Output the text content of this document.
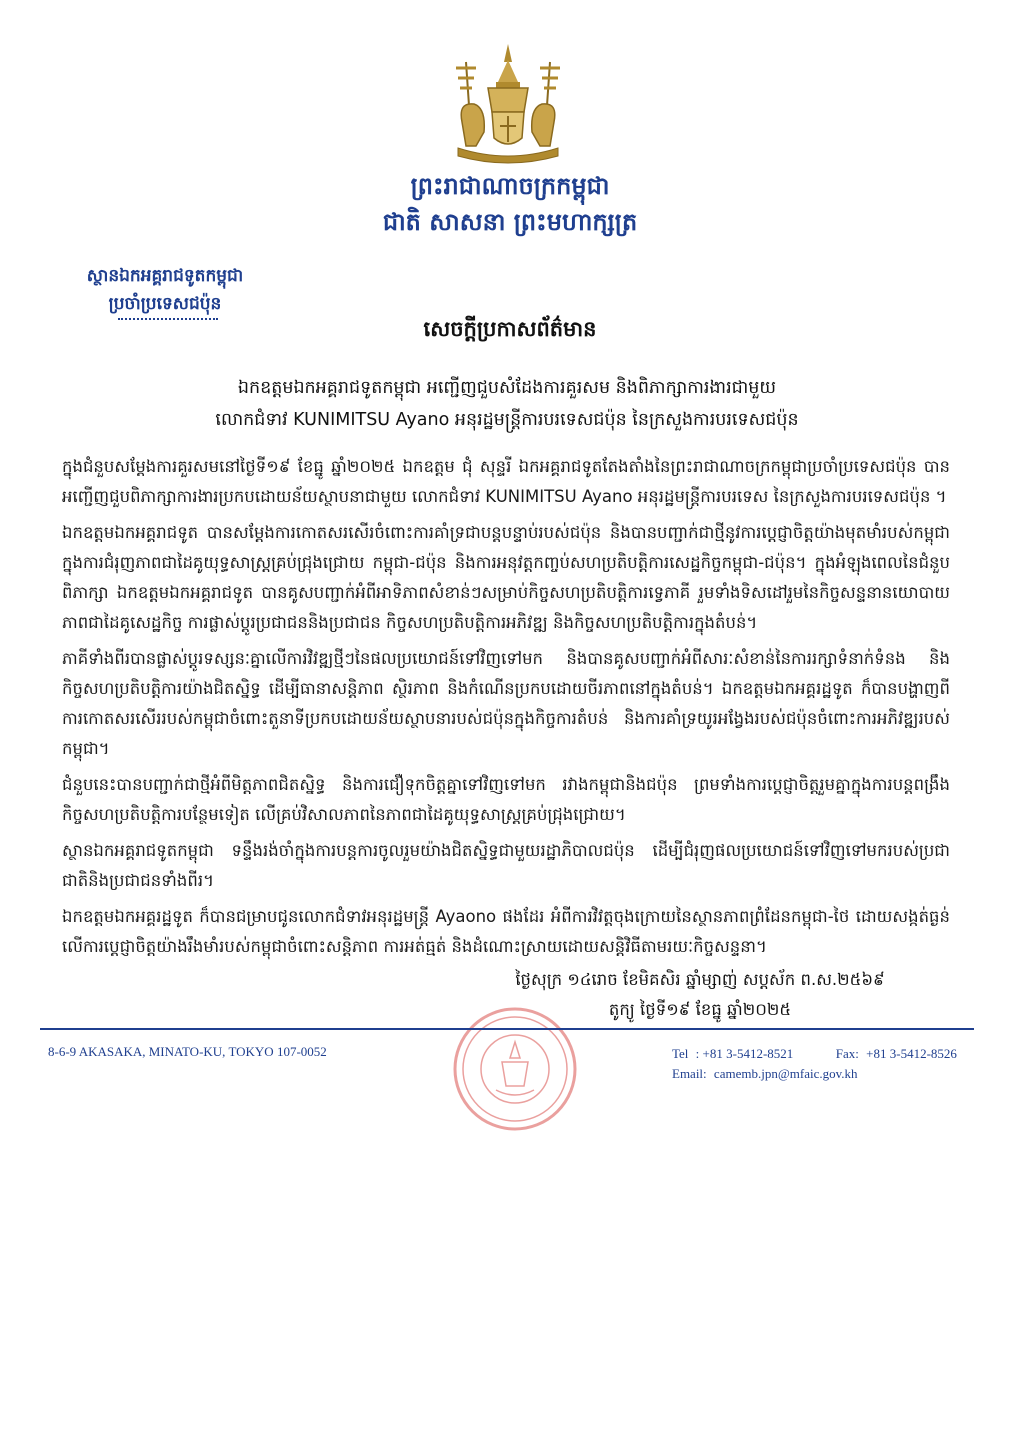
ព្រះរាជាណាចក្រកម្ពុជា
ជាតិ សាសនា ព្រះមហាក្សត្រ
ស្ថានឯកអគ្គរាជទូតកម្ពុជា
ប្រចាំប្រទេសជប៉ុន
សេចក្តីប្រកាសព័ត៌មាន
ឯកឧត្តមឯកអគ្គរាជទូតកម្ពុជា អញ្ជើញជួបសំដែងការគួរសម និងពិភាក្សាការងារជាមួយ
លោកជំទាវ KUNIMITSU Ayano អនុរដ្ឋមន្ត្រីការបរទេសជប៉ុន នៃក្រសួងការបរទេសជប៉ុន

ក្នុងជំនួបសម្តែងការគួរសមនៅថ្ងៃទី១៩ ខែធ្នូ ឆ្នាំ២០២៥ ឯកឧត្តម ជុំ សុន្ទរី ឯកអគ្គរាជទូតតែងតាំងនៃព្រះរាជាណាចក្រកម្ពុជាប្រចាំប្រទេសជប៉ុន បានអញ្ជើញជួបពិភាក្សាការងារប្រកបដោយន័យស្ថាបនាជាមួយ លោកជំទាវ KUNIMITSU Ayano អនុរដ្ឋមន្ត្រីការបរទេស នៃក្រសួងការបរទេសជប៉ុន ។

ឯកឧត្តមឯកអគ្គរាជទូត បានសម្តែងការកោតសរសើរចំពោះការគាំទ្រជាបន្តបន្ទាប់របស់ជប៉ុន និងបានបញ្ជាក់ជាថ្មីនូវការប្តេជ្ញាចិត្តយ៉ាងមុតមាំរបស់កម្ពុជា ក្នុងការជំរុញភាពជាដៃគូយុទ្ធសាស្ត្រគ្រប់ជ្រុងជ្រោយ កម្ពុជា-ជប៉ុន និងការអនុវត្តកញ្ចប់សហប្រតិបត្តិការសេដ្ឋកិច្ចកម្ពុជា-ជប៉ុន។ ក្នុងអំឡុងពេលនៃជំនួបពិភាក្សា ឯកឧត្តមឯកអគ្គរាជទូត បានគូសបញ្ជាក់អំពីអាទិភាពសំខាន់ៗសម្រាប់កិច្ចសហប្រតិបត្តិការទ្វេភាគី រួមទាំងទិសដៅរួមនៃកិច្ចសន្ទនានយោបាយ ភាពជាដៃគូសេដ្ឋកិច្ច ការផ្លាស់ប្តូរប្រជាជននិងប្រជាជន កិច្ចសហប្រតិបត្តិការអភិវឌ្ឍ និងកិច្ចសហប្រតិបត្តិការក្នុងតំបន់។

ភាគីទាំងពីរបានផ្លាស់ប្តូរទស្សនៈគ្នាលើការវិវឌ្ឍថ្មីៗនៃផលប្រយោជន៍ទៅវិញទៅមក និងបានគូសបញ្ជាក់អំពីសារៈសំខាន់នៃការរក្សាទំនាក់ទំនង និងកិច្ចសហប្រតិបត្តិការយ៉ាងជិតស្និទ្ធ ដើម្បីធានាសន្តិភាព ស្ថិរភាព និងកំណើនប្រកបដោយចីរភាពនៅក្នុងតំបន់។ ឯកឧត្តមឯកអគ្គរដ្ឋទូត ក៏បានបង្ហាញពីការកោតសរសើររបស់កម្ពុជាចំពោះតួនាទីប្រកបដោយន័យស្ថាបនារបស់ជប៉ុនក្នុងកិច្ចការតំបន់ និងការគាំទ្រយូរអង្វែងរបស់ជប៉ុនចំពោះការអភិវឌ្ឍរបស់កម្ពុជា។

ជំនួបនេះបានបញ្ជាក់ជាថ្មីអំពីមិត្តភាពជិតស្និទ្ធ និងការជឿទុកចិត្តគ្នាទៅវិញទៅមក រវាងកម្ពុជានិងជប៉ុន ព្រមទាំងការប្តេជ្ញាចិត្តរួមគ្នាក្នុងការបន្តពង្រឹងកិច្ចសហប្រតិបត្តិការបន្ថែមទៀត លើគ្រប់វិសាលភាពនៃភាពជាដៃគូយុទ្ធសាស្ត្រគ្រប់ជ្រុងជ្រោយ។

ស្ថានឯកអគ្គរាជទូតកម្ពុជា ទន្ទឹងរង់ចាំក្នុងការបន្តការចូលរួមយ៉ាងជិតស្និទ្ធជាមួយរដ្ឋាភិបាលជប៉ុន ដើម្បីជំរុញផលប្រយោជន៍ទៅវិញទៅមករបស់ប្រជាជាតិនិងប្រជាជនទាំងពីរ។

ឯកឧត្តមឯកអគ្គរដ្ឋទូត ក៏បានជម្រាបជូនលោកជំទាវអនុរដ្ឋមន្ត្រី Ayaono ផងដែរ អំពីការវិវត្តចុងក្រោយនៃស្ថានភាពព្រំដែនកម្ពុជា-ថៃ ដោយសង្កត់ធ្ងន់លើការប្តេជ្ញាចិត្តយ៉ាងរឹងមាំរបស់កម្ពុជាចំពោះសន្តិភាព ការអត់ធ្មត់ និងដំណោះស្រាយដោយសន្តិវិធីតាមរយៈកិច្ចសន្ទនា។

ថ្ងៃសុក្រ ១៤រោច ខែមិគសិរ ឆ្នាំម្សាញ់ សប្តស័ក ព.ស.២៥៦៩
តូក្យូ ថ្ងៃទី១៩ ខែធ្នូ ឆ្នាំ២០២៥
8-6-9 AKASAKA, MINATO-KU, TOKYO 107-0052	Tel : +81 3-5412-8521	Fax: +81 3-5412-8526
Email: camemb.jpn@mfaic.gov.kh
